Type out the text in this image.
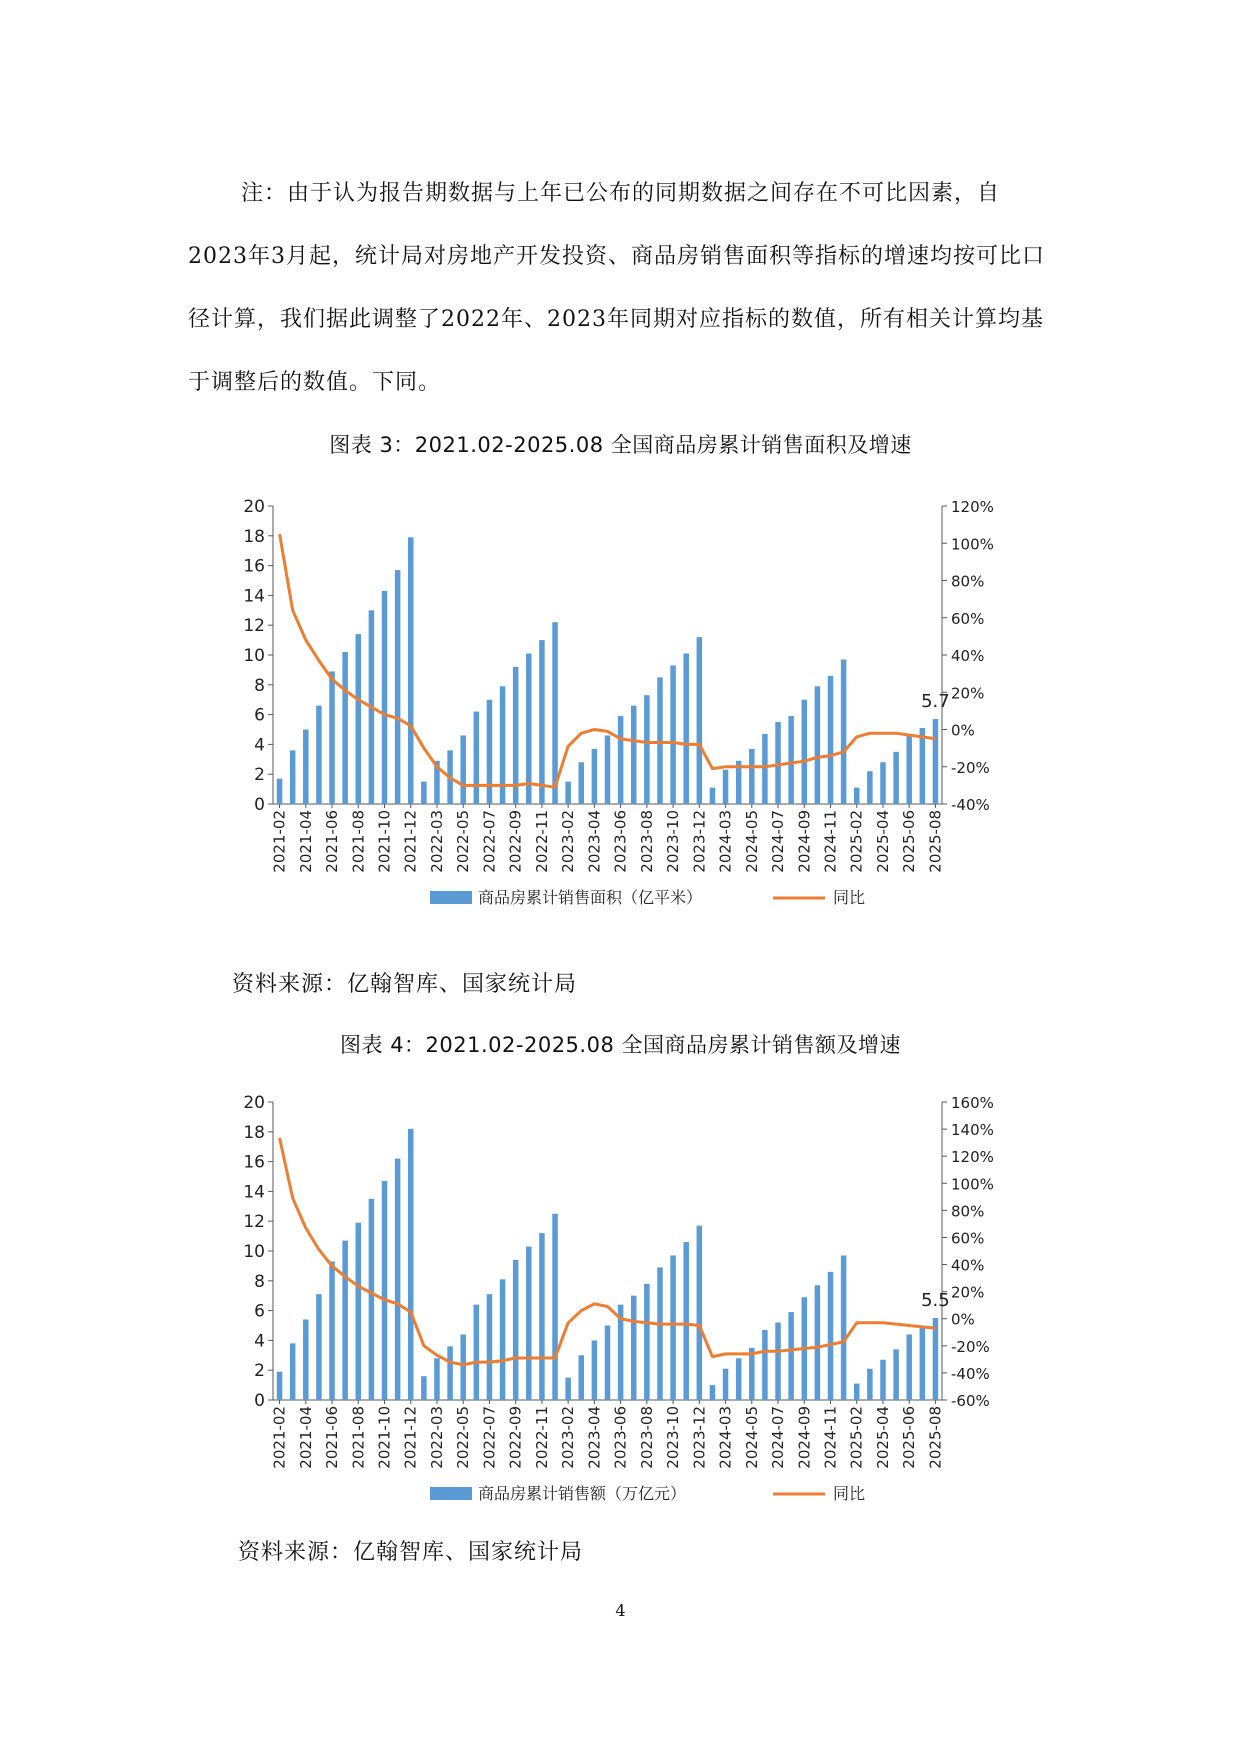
注：由于认为报告期数据与上年已公布的同期数据之间存在不可比因素，自2023年3月起，统计局对房地产开发投资、商品房销售面积等指标的增速均按可比口径计算，我们据此调整了2022年、2023年同期对应指标的数值，所有相关计算均基于调整后的数值。下同。

图表 3：2021.02-2025.08 全国商品房累计销售面积及增速
0
2
4
6
8
10
12
14
16
18
20
-40%
-20%
0%
20%
40%
60%
80%
100%
120%
5.7
2021-02 2021-04 2021-06 2021-08 2021-10 2021-12 2022-03 2022-05 2022-07 2022-09 2022-11 2023-02 2023-04 2023-06 2023-08 2023-10 2023-12 2024-03 2024-05 2024-07 2024-09 2024-11 2025-02 2025-04 2025-06 2025-08
商品房累计销售面积（亿平米）	同比
资料来源：亿翰智库、国家统计局
图表 4：2021.02-2025.08 全国商品房累计销售额及增速
0
2
4
6
8
10
12
14
16
18
20
-60%
-40%
-20%
0%
20%
40%
60%
80%
100%
120%
140%
160%
5.5
2021-02 2021-04 2021-06 2021-08 2021-10 2021-12 2022-03 2022-05 2022-07 2022-09 2022-11 2023-02 2023-04 2023-06 2023-08 2023-10 2023-12 2024-03 2024-05 2024-07 2024-09 2024-11 2025-02 2025-04 2025-06 2025-08
商品房累计销售额（万亿元）	同比
资料来源：亿翰智库、国家统计局
4
